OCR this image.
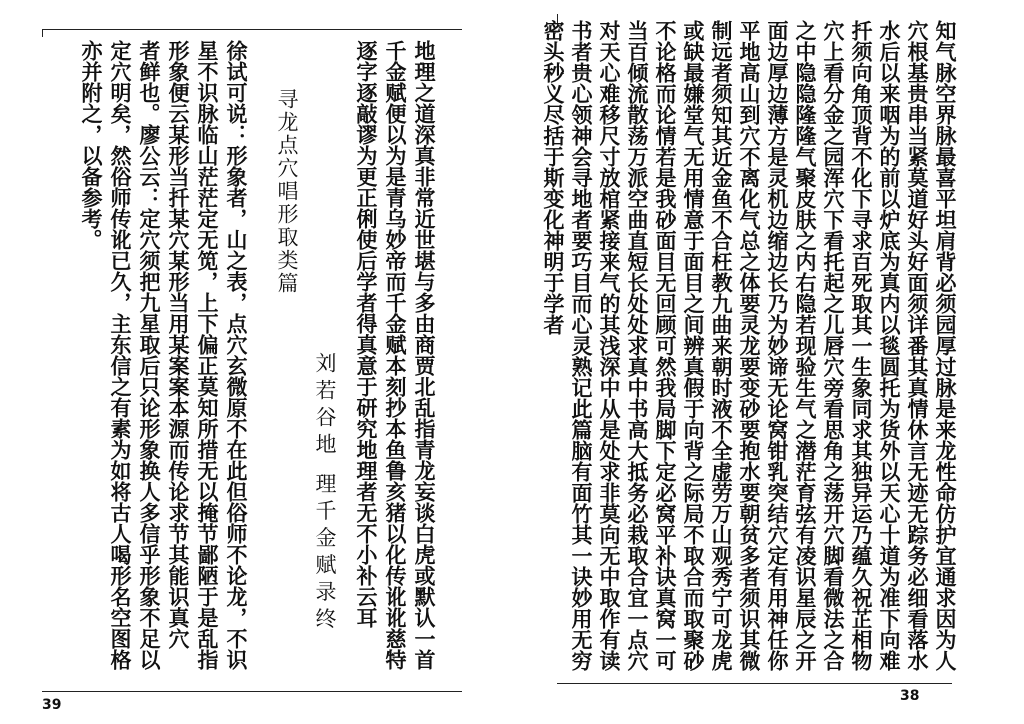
地理之道深真非常近世堪与多由商贾北乱指青龙妄谈白虎或默认一首
千金赋便以为是青乌妙帝而千金赋本刻抄本鱼鲁亥猪以化传讹讹慈特
逐字逐敲谬为更正俐使后学者得真意于研究地理者无不小补云耳
刘若谷地 理千金赋录终
寻龙点穴唱形取类篇
徐试可说：形象者，山之表，点穴玄微原不在此但俗师不论龙，不识
星不识脉临山茫茫定无笕，上下偏正莫知所措无以掩节鄙陋于是乱指
形象便云某形当扦某穴某形当用某案案本源而传论求节其能识真穴
者鲜也。廖公云：定穴须把九星取后只论形象换人多信乎形象不足以
定穴明矣，然俗师传讹已久，主东信之有素为如将古人喝形名空图格
亦并附之，以备参考。
39
知气脉空界脉最喜平坦肩背必须园厚过脉是来龙性命仿护宜通求因为人
穴根基贵串当紧莫道好头好面须详番其真情休言无迹无踪务必细看落水
水后以来咽为的前以炉底为真内以毯圆托为货外以天心十道为准下向难
扦须向角顶背不化下寻求百死取其一生象同求其独异运乃蕴久祝芷相物
穴上看分金之园浑穴下看托起之儿唇穴旁看思角之荡开穴脚看微法之合
之中隐隐隆隆气聚皮肤之内右隐若现验生气之潜茫育弦有凌识星辰之开
面边厚边薄方是灵机边缩边长乃为妙谛无论窝钳乳突结穴定有用神任你
平地高山到穴不离化气总之体要灵龙要变砂要抱水要朝贫多者须识其微
制远者须知其近金鱼不合枉教九曲来朝时液不全虚劳万山观秀宁可龙虎
或缺最嫌堂气无用情意于面目之间辨真假于向背之际局不取合而取聚砂
不论格而论情若是我砂面目无回顾可然我局脚下定必窝平补诀真窝一可
当百倾流散荡万派空曲直短长处处求真中书高大抵务必栽取合宜一点穴
对天心难移尺寸放棺紧接来气的其浅深中从是处求非莫向无中取作有读
书者贵心领神会寻地者要巧目而心灵熟记此篇脑有面竹其一诀妙用无穷
密头秒义尽括于斯变化神明于学者
38
